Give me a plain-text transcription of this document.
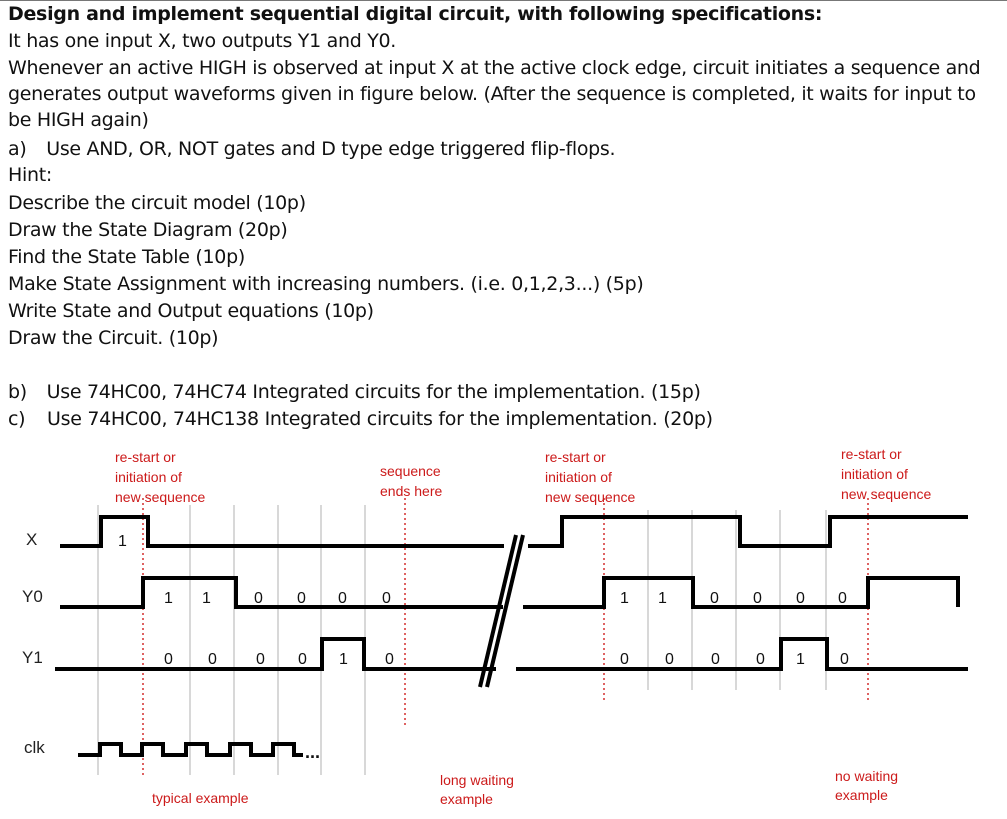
Design and implement sequential digital circuit, with following specifications:
It has one input X, two outputs Y1 and Y0.
Whenever an active HIGH is observed at input X at the active clock edge, circuit initiates a sequence and generates output waveforms given in figure below. (After the sequence is completed, it waits for input to be HIGH again)
a) Use AND, OR, NOT gates and D type edge triggered flip-flops.
Hint:
Describe the circuit model (10p)
Draw the State Diagram (20p)
Find the State Table (10p)
Make State Assignment with increasing numbers. (i.e. 0,1,2,3...) (5p)
Write State and Output equations (10p)
Draw the Circuit. (10p)
b) Use 74HC00, 74HC74 Integrated circuits for the implementation. (15p)
c) Use 74HC00, 74HC138 Integrated circuits for the implementation. (20p)
X
Y0
Y1
clk	...
1
1 1	0 0 0 0
0 0 0 0 1 0
1 1	0 0 0 0
0 0 0 0 1 0
re-start or
initiation of
new sequence
sequence
ends here
re-start or
initiation of
new sequence
re-start or
initiation of
new sequence
typical example
long waiting
example
no waiting
example
